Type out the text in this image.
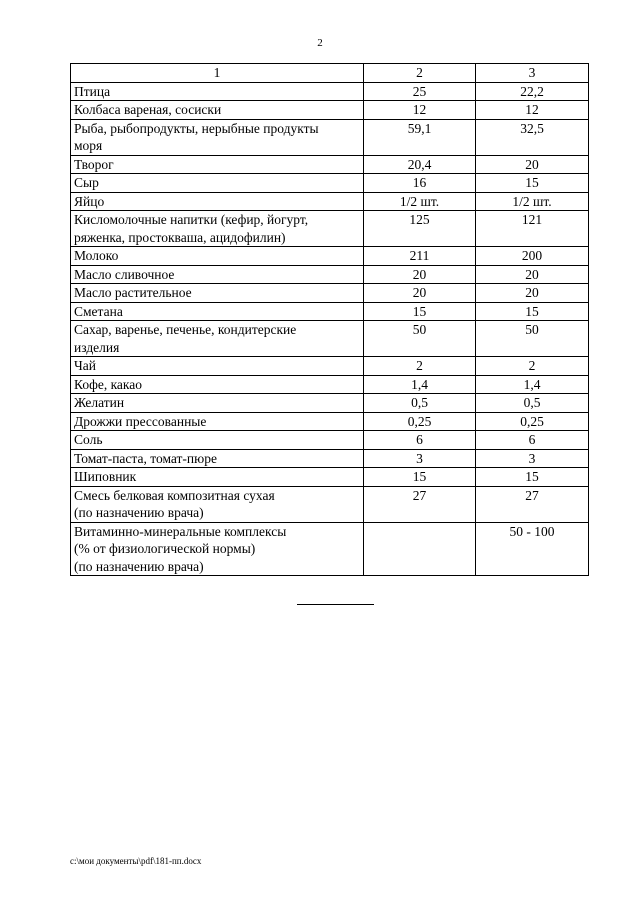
2
1	2	3

Птица	25	22,2

Колбаса вареная, сосиски	12	12

Рыба, рыбопродукты, нерыбные продукты
моря	59,1	32,5

Творог	20,4	20

Сыр	16	15

Яйцо	1/2 шт.	1/2 шт.

Кисломолочные напитки (кефир, йогурт,
ряженка, простокваша, ацидофилин)	125	121

Молоко	211	200

Масло сливочное	20	20

Масло растительное	20	20

Сметана	15	15

Сахар, варенье, печенье, кондитерские
изделия	50	50

Чай	2	2

Кофе, какао	1,4	1,4

Желатин	0,5	0,5

Дрожжи прессованные	0,25	0,25

Соль	6	6

Томат-паста, томат-пюре	3	3

Шиповник	15	15

Смесь белковая композитная сухая
(по назначению врача)	27	27

Витаминно-минеральные комплексы
(% от физиологической нормы)
(по назначению врача)		50 - 100
c:\мои документы\pdf\181-пп.docx
